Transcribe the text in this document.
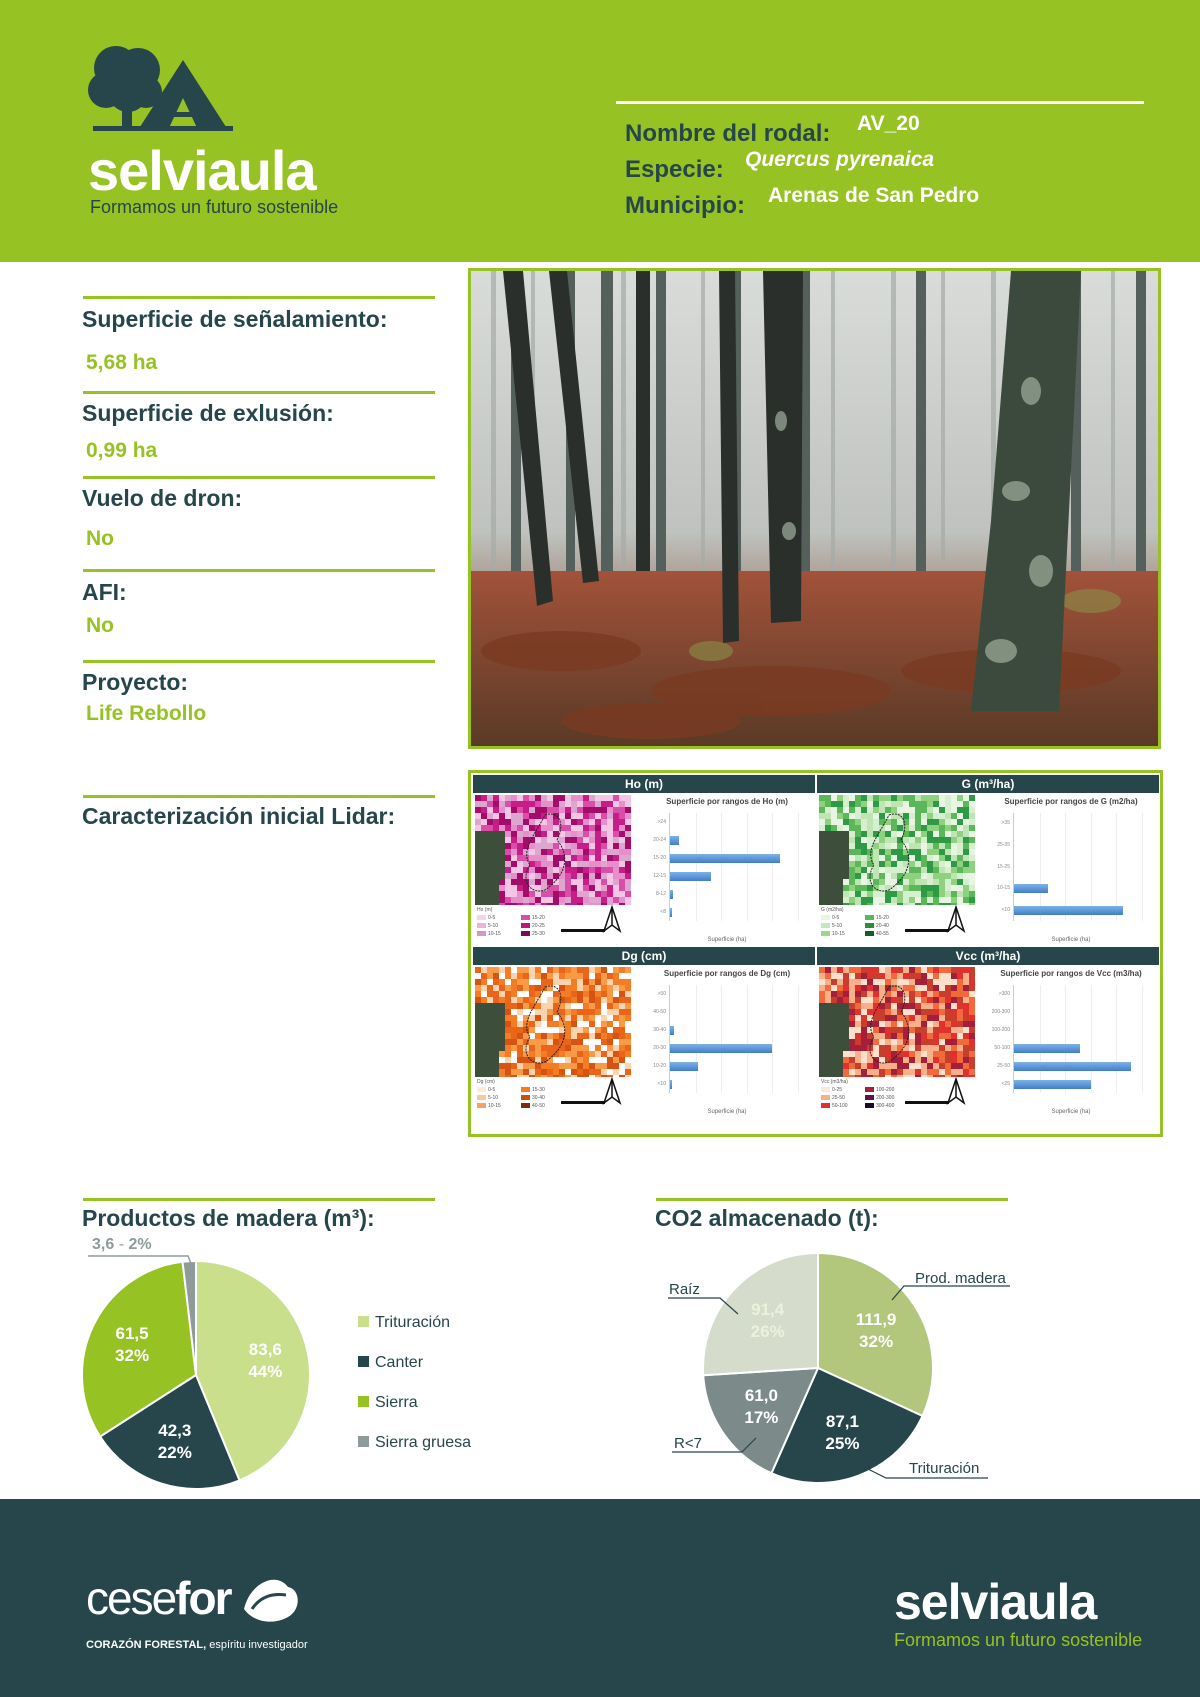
selviaula
Formamos un futuro sostenible
Nombre del rodal: AV_20
Especie: Quercus pyrenaica
Municipio: Arenas de San Pedro
Superficie de señalamiento:
5,68 ha
Superficie de exlusión:
0,99 ha
Vuelo de dron:
No
AFI:
No
Proyecto:
Life Rebollo
Caracterización inicial Lidar:
Ho (m)
Ho (m)
0-5
5-10
10-15
15-20
20-25
25-30
Superficie por rangos de Ho (m)
<8
8-12
12-15
15-20
20-24
>24
Superficie (ha)
G (m³/ha)
G (m2/ha)
0-5
5-10
10-15
15-20
20-40
40-55
Superficie por rangos de G (m2/ha)
<10
10-15
15-25
25-35
>35
Superficie (ha)
Dg (cm)
Dg (cm)
0-5
5-10
10-15
15-30
30-40
40-50
Superficie por rangos de Dg (cm)
<10
10-20
20-30
30-40
40-50
>50
Superficie (ha)
Vcc (m³/ha)
Vcc (m3/ha)
0-25
25-50
50-100
100-200
200-300
300-400
Superficie por rangos de Vcc (m3/ha)
<25
25-50
50-100
100-200
200-300
>300
Superficie (ha)
Productos de madera (m³):
83,6
44%
42,3
22%
61,5
32%
3,6 - 2%
Trituración
Canter
Sierra
Sierra gruesa
CO2 almacenado (t):
111,9
32%
87,1
25%
61,0
17%
91,4
26%
Prod. madera
Trituración
R<7
Raíz
cesefor
CORAZÓN FORESTAL, espíritu investigador
selviaula
Formamos un futuro sostenible
